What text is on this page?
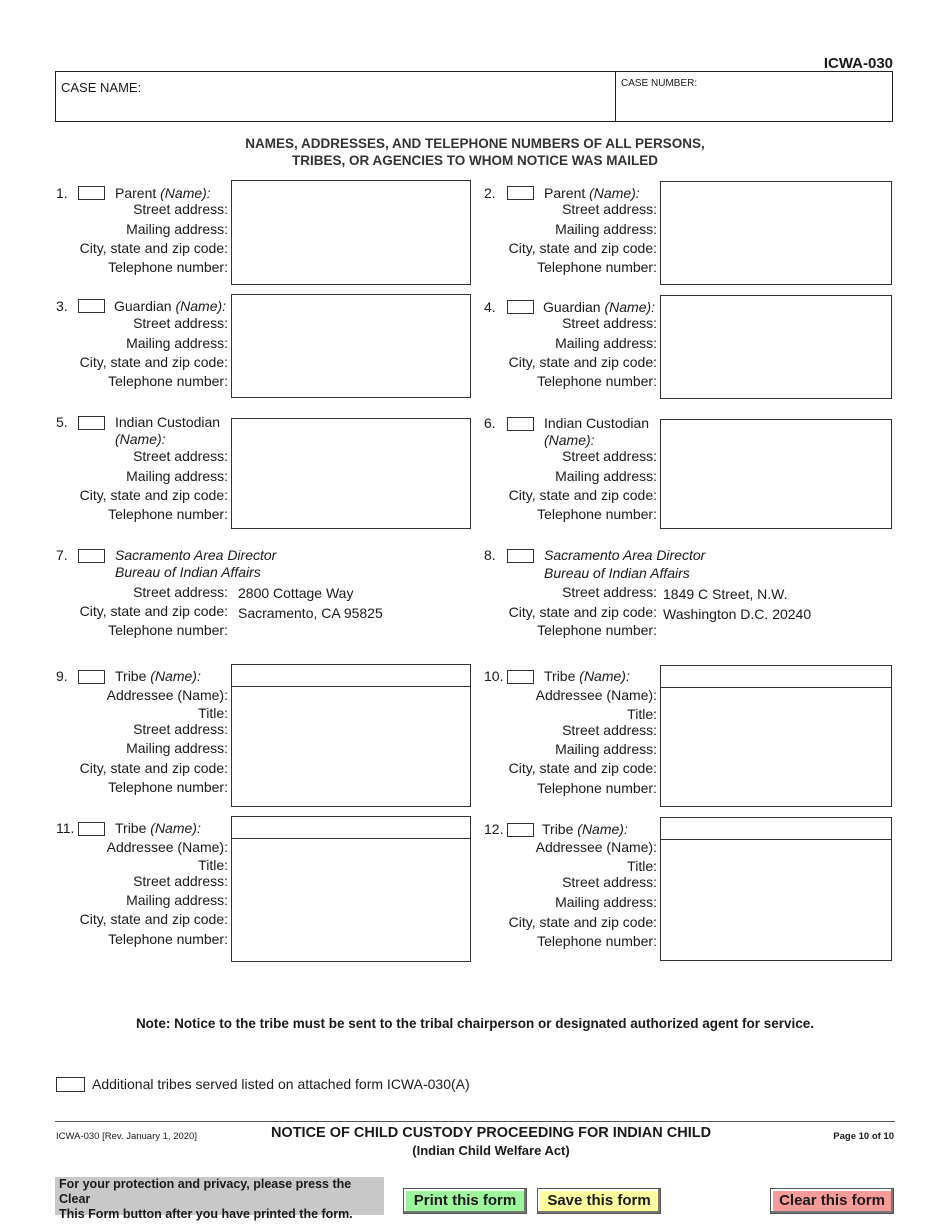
ICWA-030
CASE NAME:	CASE NUMBER:
NAMES, ADDRESSES, AND TELEPHONE NUMBERS OF ALL PERSONS,
TRIBES, OR AGENCIES TO WHOM NOTICE WAS MAILED
1.	Parent (Name):
Street address:
Mailing address:
City, state and zip code:
Telephone number:
2.	Parent (Name):
Street address:
Mailing address:
City, state and zip code:
Telephone number:
3.	Guardian (Name):
Street address:
Mailing address:
City, state and zip code:
Telephone number:
4.	Guardian (Name):
Street address:
Mailing address:
City, state and zip code:
Telephone number:
5.	Indian Custodian
(Name):
Street address:
Mailing address:
City, state and zip code:
Telephone number:
6.	Indian Custodian
(Name):
Street address:
Mailing address:
City, state and zip code:
Telephone number:
7.	Sacramento Area Director
Bureau of Indian Affairs
Street address: 2800 Cottage Way
City, state and zip code: Sacramento, CA 95825
Telephone number:
8.	Sacramento Area Director
Bureau of Indian Affairs
Street address: 1849 C Street, N.W.
City, state and zip code: Washington D.C. 20240
Telephone number:
9.	Tribe (Name):
Addressee (Name):
Title:
Street address:
Mailing address:
City, state and zip code:
Telephone number:
10.	Tribe (Name):
Addressee (Name):
Title:
Street address:
Mailing address:
City, state and zip code:
Telephone number:
11.	Tribe (Name):
Addressee (Name):
Title:
Street address:
Mailing address:
City, state and zip code:
Telephone number:
12.	Tribe (Name):
Addressee (Name):
Title:
Street address:
Mailing address:
City, state and zip code:
Telephone number:
Note: Notice to the tribe must be sent to the tribal chairperson or designated authorized agent for service.
Additional tribes served listed on attached form ICWA-030(A)
ICWA-030 [Rev. January 1, 2020]	NOTICE OF CHILD CUSTODY PROCEEDING FOR INDIAN CHILD
(Indian Child Welfare Act)
Page 10 of 10
For your protection and privacy, please press the Clear
This Form button after you have printed the form.
Print this form	Save this form	Clear this form
